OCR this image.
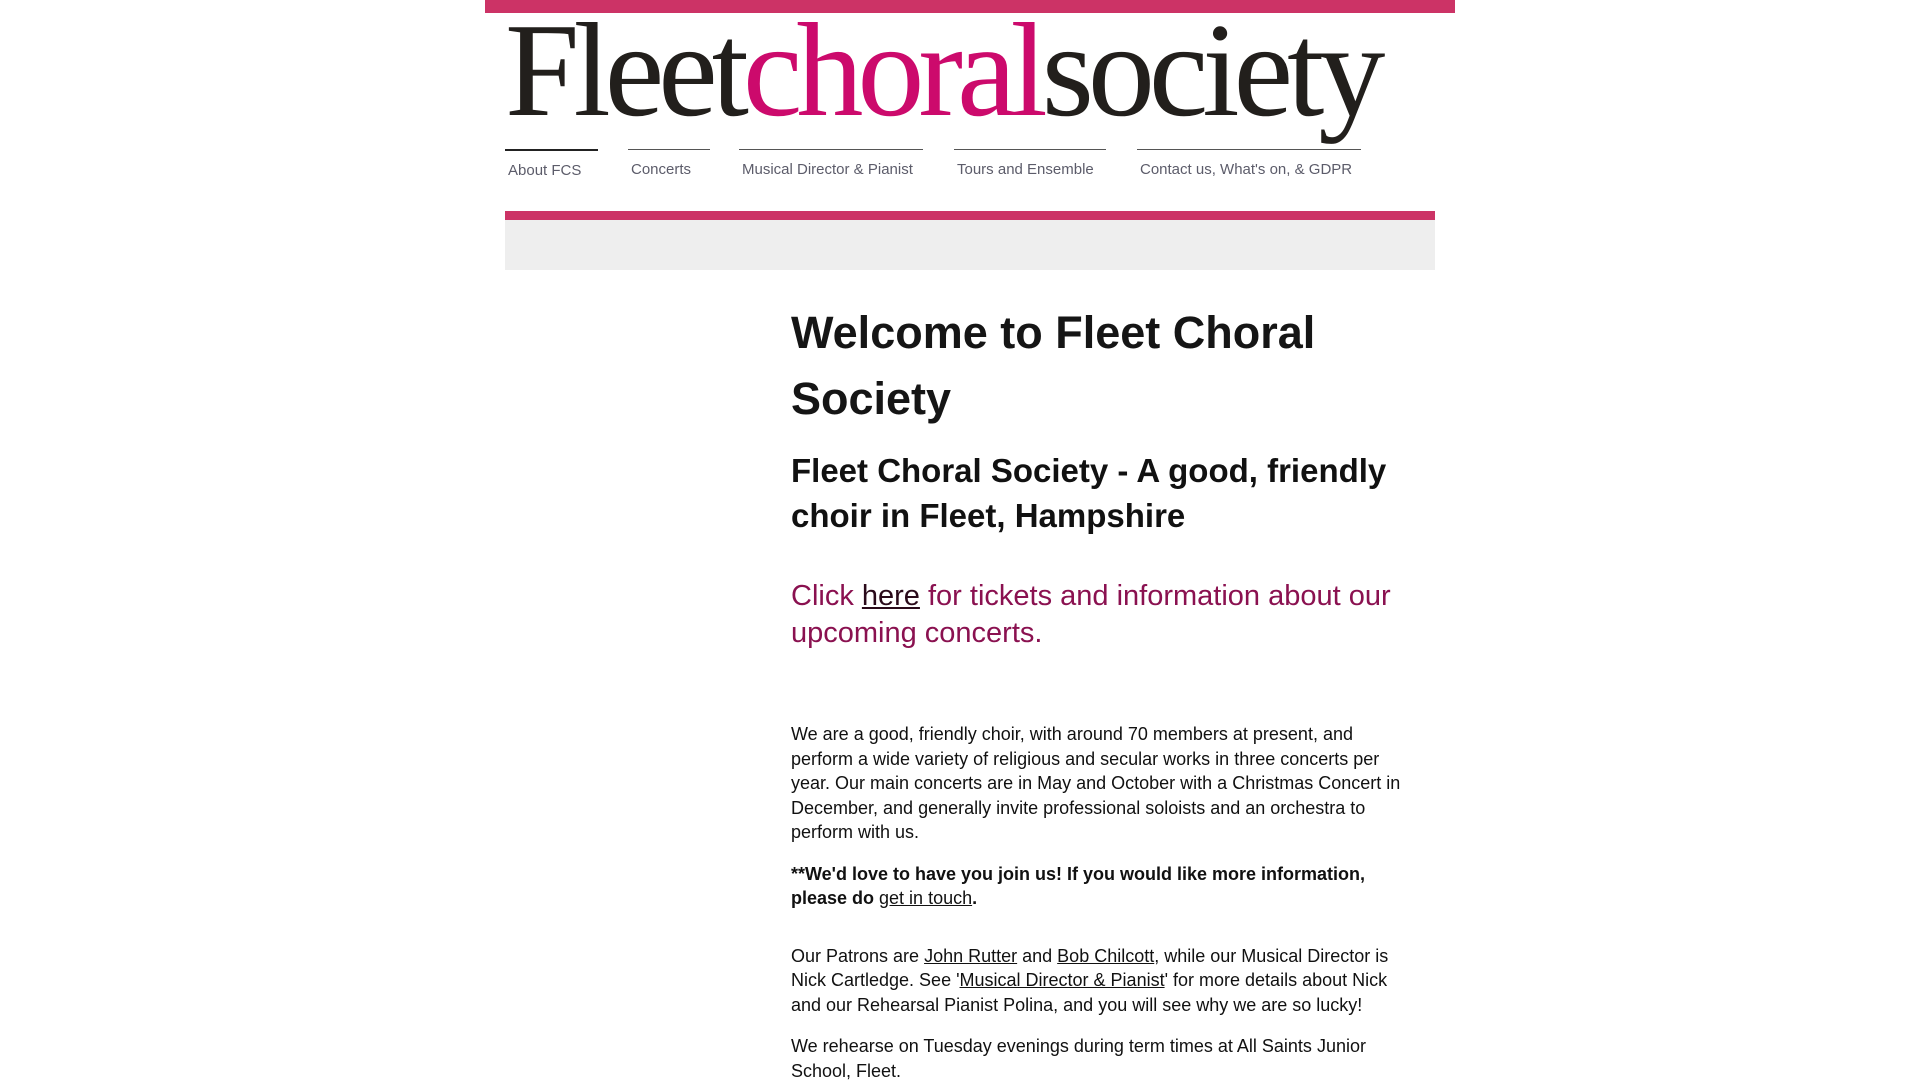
Fleetchoralsociety
About FCS	Concerts	Musical Director & Pianist	Tours and Ensemble	Contact us, What's on, & GDPR
Welcome to Fleet Choral Society
Fleet Choral Society - A good, friendly choir in Fleet, Hampshire

Click here for tickets and information about our upcoming concerts.

We are a good, friendly choir, with around 70 members at present, and perform a wide variety of religious and secular works in three concerts per year. Our main concerts are in May and October with a Christmas Concert in December, and generally invite professional soloists and an orchestra to perform with us.

**We'd love to have you join us! If you would like more information, please do get in touch.

Our Patrons are John Rutter and Bob Chilcott, while our Musical Director is Nick Cartledge. See 'Musical Director & Pianist' for more details about Nick and our Rehearsal Pianist Polina, and you will see why we are so lucky!

We rehearse on Tuesday evenings during term times at All Saints Junior School, Fleet.
